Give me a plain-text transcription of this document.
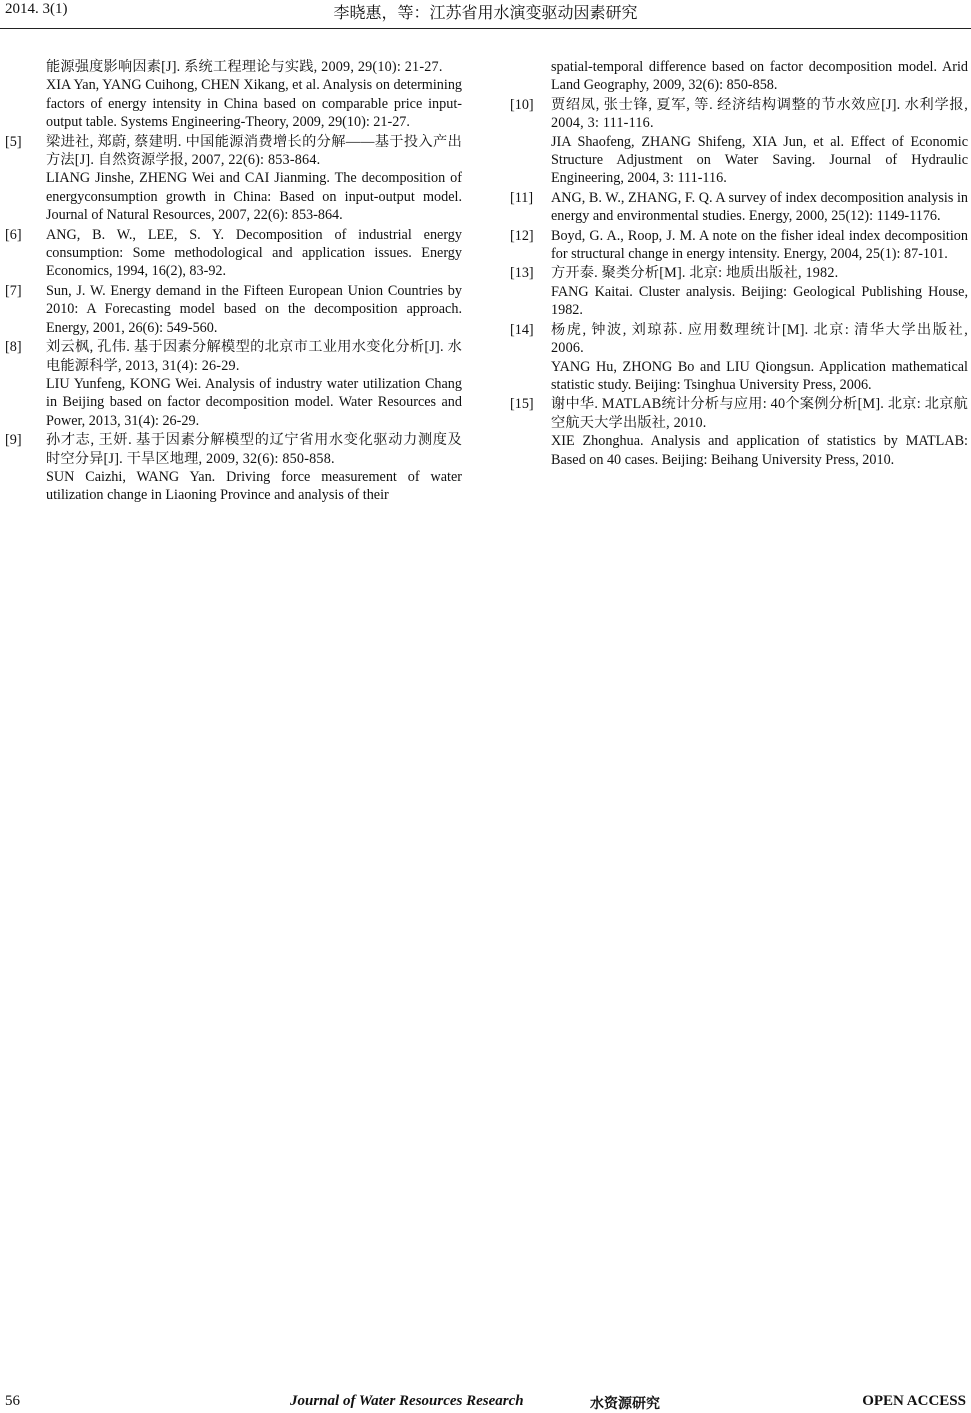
2014. 3(1)	李晓惠，等：江苏省用水演变驱动因素研究

能源强度影响因素[J]. 系统工程理论与实践, 2009, 29(10): 21-27.

XIA Yan, YANG Cuihong, CHEN Xikang, et al. Analysis on determining factors of energy intensity in China based on comparable price input-output table. Systems Engineering-Theory, 2009, 29(10): 21-27.

[5] 梁进社, 郑蔚, 蔡建明. 中国能源消费增长的分解——基于投入产出方法[J]. 自然资源学报, 2007, 22(6): 853-864.

LIANG Jinshe, ZHENG Wei and CAI Jianming. The decomposition of energyconsumption growth in China: Based on input-output model. Journal of Natural Resources, 2007, 22(6): 853-864.

[6] ANG, B. W., LEE, S. Y. Decomposition of industrial energy consumption: Some methodological and application issues. Energy Economics, 1994, 16(2), 83-92.

[7] Sun, J. W. Energy demand in the Fifteen European Union Countries by 2010: A Forecasting model based on the decomposition approach. Energy, 2001, 26(6): 549-560.

[8] 刘云枫, 孔伟. 基于因素分解模型的北京市工业用水变化分析[J]. 水电能源科学, 2013, 31(4): 26-29.

LIU Yunfeng, KONG Wei. Analysis of industry water utilization Chang in Beijing based on factor decomposition model. Water Resources and Power, 2013, 31(4): 26-29.

[9] 孙才志, 王妍. 基于因素分解模型的辽宁省用水变化驱动力测度及时空分异[J]. 干旱区地理, 2009, 32(6): 850-858.

SUN Caizhi, WANG Yan. Driving force measurement of water utilization change in Liaoning Province and analysis of their

spatial-temporal difference based on factor decomposition model. Arid Land Geography, 2009, 32(6): 850-858.

[10] 贾绍凤, 张士锋, 夏军, 等. 经济结构调整的节水效应[J]. 水利学报, 2004, 3: 111-116.

JIA Shaofeng, ZHANG Shifeng, XIA Jun, et al. Effect of Economic Structure Adjustment on Water Saving. Journal of Hydraulic Engineering, 2004, 3: 111-116.

[11] ANG, B. W., ZHANG, F. Q. A survey of index decomposition analysis in energy and environmental studies. Energy, 2000, 25(12): 1149-1176.

[12] Boyd, G. A., Roop, J. M. A note on the fisher ideal index decomposition for structural change in energy intensity. Energy, 2004, 25(1): 87-101.

[13] 方开泰. 聚类分析[M]. 北京: 地质出版社, 1982.

FANG Kaitai. Cluster analysis. Beijing: Geological Publishing House, 1982.

[14] 杨虎, 钟波, 刘琼荪. 应用数理统计[M]. 北京: 清华大学出版社, 2006.

YANG Hu, ZHONG Bo and LIU Qiongsun. Application mathematical statistic study. Beijing: Tsinghua University Press, 2006.

[15] 谢中华. MATLAB统计分析与应用: 40个案例分析[M]. 北京: 北京航空航天大学出版社, 2010.

XIE Zhonghua. Analysis and application of statistics by MATLAB: Based on 40 cases. Beijing: Beihang University Press, 2010.

56	Journal of Water Resources Research	水资源研究	OPEN ACCESS
